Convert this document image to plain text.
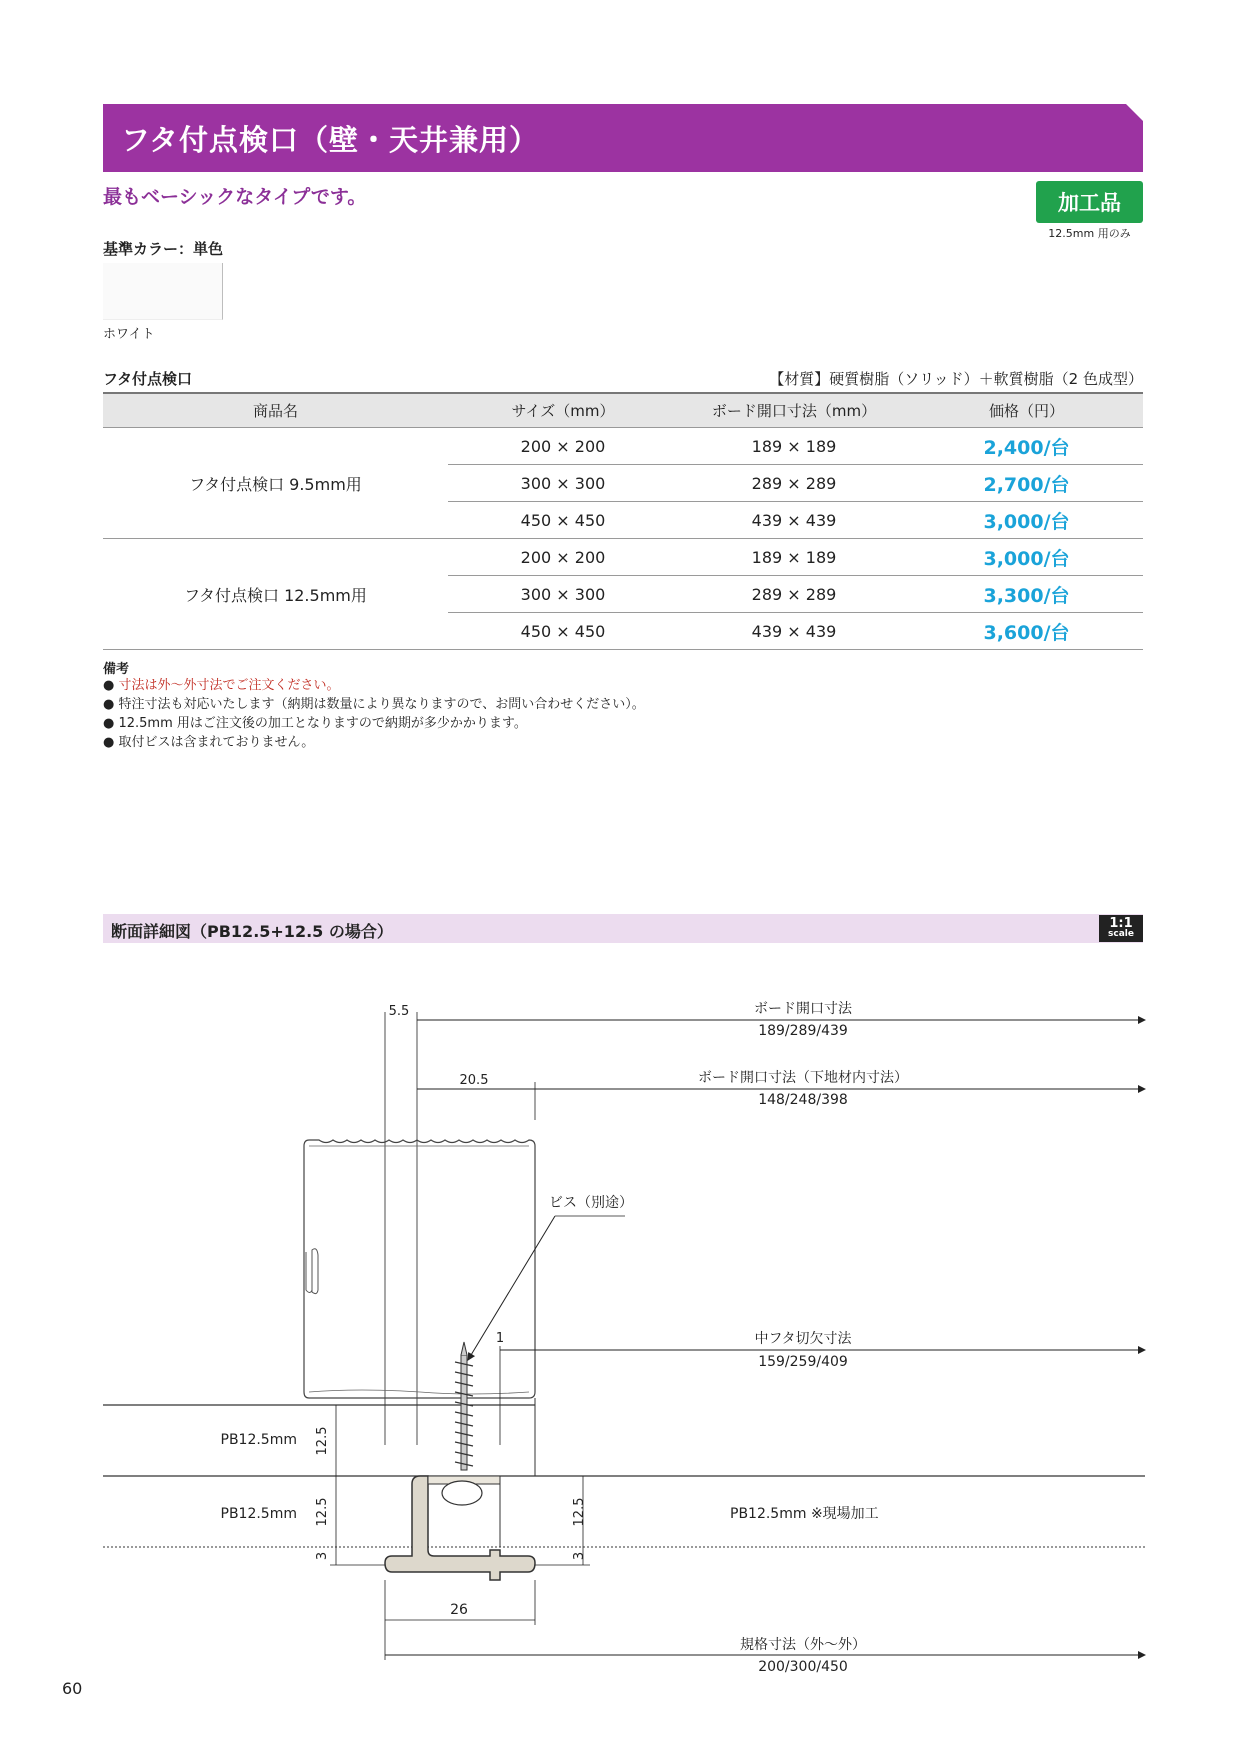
フタ付点検口（壁・天井兼用）
最もベーシックなタイプです。	加工品
12.5mm 用のみ
基準カラー：単色
ホワイト
フタ付点検口	【材質】硬質樹脂（ソリッド）＋軟質樹脂（2 色成型）
商品名	サイズ（mm）	ボード開口寸法（mm）	価格（円）
フタ付点検口 9.5mm用	200 × 200	189 × 189	2,400/台
	300 × 300	289 × 289	2,700/台
	450 × 450	439 × 439	3,000/台
フタ付点検口 12.5mm用	200 × 200	189 × 189	3,000/台
	300 × 300	289 × 289	3,300/台
	450 × 450	439 × 439	3,600/台
備考
● 寸法は外～外寸法でご注文ください。
● 特注寸法も対応いたします（納期は数量により異なりますので、お問い合わせください）。
● 12.5mm 用はご注文後の加工となりますので納期が多少かかります。
● 取付ビスは含まれておりません。
断面詳細図（PB12.5+12.5 の場合）	1:1
scale
5.5	ボード開口寸法
189/289/439
20.5	ボード開口寸法（下地材内寸法）
148/248/398
ビス（別途）
1	中フタ切欠寸法
159/259/409
PB12.5mm
PB12.5mm	PB12.5mm ※現場加工
12.5
12.5
3
12.5
3
26
規格寸法（外～外）
200/300/450
60
